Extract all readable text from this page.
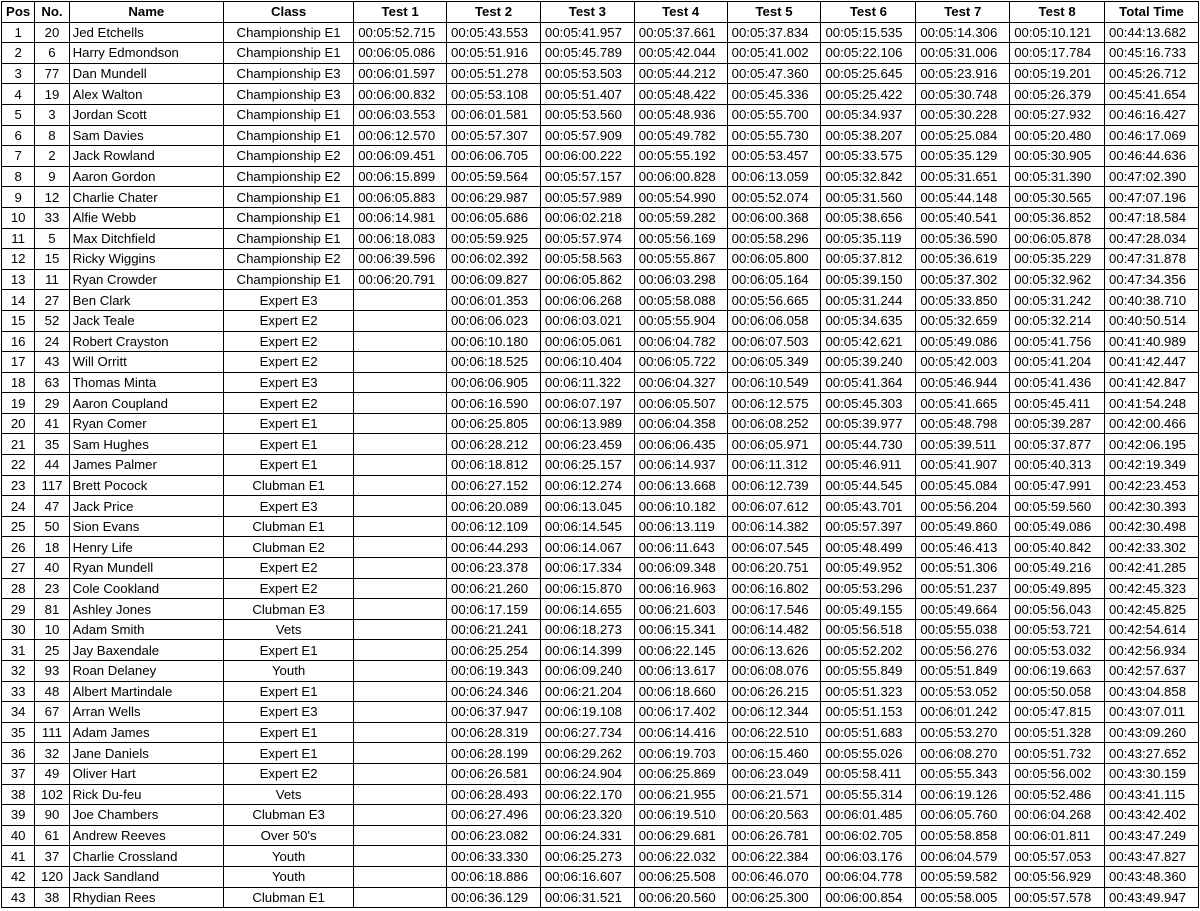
Pos	No.	Name	Class	Test 1	Test 2	Test 3	Test 4	Test 5	Test 6	Test 7	Test 8	Total Time
1	20	Jed Etchells	Championship E1	00:05:52.715	00:05:43.553	00:05:41.957	00:05:37.661	00:05:37.834	00:05:15.535	00:05:14.306	00:05:10.121	00:44:13.682
2	6	Harry Edmondson	Championship E1	00:06:05.086	00:05:51.916	00:05:45.789	00:05:42.044	00:05:41.002	00:05:22.106	00:05:31.006	00:05:17.784	00:45:16.733
3	77	Dan Mundell	Championship E3	00:06:01.597	00:05:51.278	00:05:53.503	00:05:44.212	00:05:47.360	00:05:25.645	00:05:23.916	00:05:19.201	00:45:26.712
4	19	Alex Walton	Championship E3	00:06:00.832	00:05:53.108	00:05:51.407	00:05:48.422	00:05:45.336	00:05:25.422	00:05:30.748	00:05:26.379	00:45:41.654
5	3	Jordan Scott	Championship E1	00:06:03.553	00:06:01.581	00:05:53.560	00:05:48.936	00:05:55.700	00:05:34.937	00:05:30.228	00:05:27.932	00:46:16.427
6	8	Sam Davies	Championship E1	00:06:12.570	00:05:57.307	00:05:57.909	00:05:49.782	00:05:55.730	00:05:38.207	00:05:25.084	00:05:20.480	00:46:17.069
7	2	Jack Rowland	Championship E2	00:06:09.451	00:06:06.705	00:06:00.222	00:05:55.192	00:05:53.457	00:05:33.575	00:05:35.129	00:05:30.905	00:46:44.636
8	9	Aaron Gordon	Championship E2	00:06:15.899	00:05:59.564	00:05:57.157	00:06:00.828	00:06:13.059	00:05:32.842	00:05:31.651	00:05:31.390	00:47:02.390
9	12	Charlie Chater	Championship E1	00:06:05.883	00:06:29.987	00:05:57.989	00:05:54.990	00:05:52.074	00:05:31.560	00:05:44.148	00:05:30.565	00:47:07.196
10	33	Alfie Webb	Championship E1	00:06:14.981	00:06:05.686	00:06:02.218	00:05:59.282	00:06:00.368	00:05:38.656	00:05:40.541	00:05:36.852	00:47:18.584
11	5	Max Ditchfield	Championship E1	00:06:18.083	00:05:59.925	00:05:57.974	00:05:56.169	00:05:58.296	00:05:35.119	00:05:36.590	00:06:05.878	00:47:28.034
12	15	Ricky Wiggins	Championship E2	00:06:39.596	00:06:02.392	00:05:58.563	00:05:55.867	00:06:05.800	00:05:37.812	00:05:36.619	00:05:35.229	00:47:31.878
13	11	Ryan Crowder	Championship E1	00:06:20.791	00:06:09.827	00:06:05.862	00:06:03.298	00:06:05.164	00:05:39.150	00:05:37.302	00:05:32.962	00:47:34.356
14	27	Ben Clark	Expert E3		00:06:01.353	00:06:06.268	00:05:58.088	00:05:56.665	00:05:31.244	00:05:33.850	00:05:31.242	00:40:38.710
15	52	Jack Teale	Expert E2		00:06:06.023	00:06:03.021	00:05:55.904	00:06:06.058	00:05:34.635	00:05:32.659	00:05:32.214	00:40:50.514
16	24	Robert Crayston	Expert E2		00:06:10.180	00:06:05.061	00:06:04.782	00:06:07.503	00:05:42.621	00:05:49.086	00:05:41.756	00:41:40.989
17	43	Will Orritt	Expert E2		00:06:18.525	00:06:10.404	00:06:05.722	00:06:05.349	00:05:39.240	00:05:42.003	00:05:41.204	00:41:42.447
18	63	Thomas Minta	Expert E3		00:06:06.905	00:06:11.322	00:06:04.327	00:06:10.549	00:05:41.364	00:05:46.944	00:05:41.436	00:41:42.847
19	29	Aaron Coupland	Expert E2		00:06:16.590	00:06:07.197	00:06:05.507	00:06:12.575	00:05:45.303	00:05:41.665	00:05:45.411	00:41:54.248
20	41	Ryan Comer	Expert E1		00:06:25.805	00:06:13.989	00:06:04.358	00:06:08.252	00:05:39.977	00:05:48.798	00:05:39.287	00:42:00.466
21	35	Sam Hughes	Expert E1		00:06:28.212	00:06:23.459	00:06:06.435	00:06:05.971	00:05:44.730	00:05:39.511	00:05:37.877	00:42:06.195
22	44	James Palmer	Expert E1		00:06:18.812	00:06:25.157	00:06:14.937	00:06:11.312	00:05:46.911	00:05:41.907	00:05:40.313	00:42:19.349
23	117	Brett Pocock	Clubman E1		00:06:27.152	00:06:12.274	00:06:13.668	00:06:12.739	00:05:44.545	00:05:45.084	00:05:47.991	00:42:23.453
24	47	Jack Price	Expert E3		00:06:20.089	00:06:13.045	00:06:10.182	00:06:07.612	00:05:43.701	00:05:56.204	00:05:59.560	00:42:30.393
25	50	Sion Evans	Clubman E1		00:06:12.109	00:06:14.545	00:06:13.119	00:06:14.382	00:05:57.397	00:05:49.860	00:05:49.086	00:42:30.498
26	18	Henry Life	Clubman E2		00:06:44.293	00:06:14.067	00:06:11.643	00:06:07.545	00:05:48.499	00:05:46.413	00:05:40.842	00:42:33.302
27	40	Ryan Mundell	Expert E2		00:06:23.378	00:06:17.334	00:06:09.348	00:06:20.751	00:05:49.952	00:05:51.306	00:05:49.216	00:42:41.285
28	23	Cole Cookland	Expert E2		00:06:21.260	00:06:15.870	00:06:16.963	00:06:16.802	00:05:53.296	00:05:51.237	00:05:49.895	00:42:45.323
29	81	Ashley Jones	Clubman E3		00:06:17.159	00:06:14.655	00:06:21.603	00:06:17.546	00:05:49.155	00:05:49.664	00:05:56.043	00:42:45.825
30	10	Adam Smith	Vets		00:06:21.241	00:06:18.273	00:06:15.341	00:06:14.482	00:05:56.518	00:05:55.038	00:05:53.721	00:42:54.614
31	25	Jay Baxendale	Expert E1		00:06:25.254	00:06:14.399	00:06:22.145	00:06:13.626	00:05:52.202	00:05:56.276	00:05:53.032	00:42:56.934
32	93	Roan Delaney	Youth		00:06:19.343	00:06:09.240	00:06:13.617	00:06:08.076	00:05:55.849	00:05:51.849	00:06:19.663	00:42:57.637
33	48	Albert Martindale	Expert E1		00:06:24.346	00:06:21.204	00:06:18.660	00:06:26.215	00:05:51.323	00:05:53.052	00:05:50.058	00:43:04.858
34	67	Arran Wells	Expert E3		00:06:37.947	00:06:19.108	00:06:17.402	00:06:12.344	00:05:51.153	00:06:01.242	00:05:47.815	00:43:07.011
35	111	Adam James	Expert E1		00:06:28.319	00:06:27.734	00:06:14.416	00:06:22.510	00:05:51.683	00:05:53.270	00:05:51.328	00:43:09.260
36	32	Jane Daniels	Expert E1		00:06:28.199	00:06:29.262	00:06:19.703	00:06:15.460	00:05:55.026	00:06:08.270	00:05:51.732	00:43:27.652
37	49	Oliver Hart	Expert E2		00:06:26.581	00:06:24.904	00:06:25.869	00:06:23.049	00:05:58.411	00:05:55.343	00:05:56.002	00:43:30.159
38	102	Rick Du-feu	Vets		00:06:28.493	00:06:22.170	00:06:21.955	00:06:21.571	00:05:55.314	00:06:19.126	00:05:52.486	00:43:41.115
39	90	Joe Chambers	Clubman E3		00:06:27.496	00:06:23.320	00:06:19.510	00:06:20.563	00:06:01.485	00:06:05.760	00:06:04.268	00:43:42.402
40	61	Andrew Reeves	Over 50's		00:06:23.082	00:06:24.331	00:06:29.681	00:06:26.781	00:06:02.705	00:05:58.858	00:06:01.811	00:43:47.249
41	37	Charlie Crossland	Youth		00:06:33.330	00:06:25.273	00:06:22.032	00:06:22.384	00:06:03.176	00:06:04.579	00:05:57.053	00:43:47.827
42	120	Jack Sandland	Youth		00:06:18.886	00:06:16.607	00:06:25.508	00:06:46.070	00:06:04.778	00:05:59.582	00:05:56.929	00:43:48.360
43	38	Rhydian Rees	Clubman E1		00:06:36.129	00:06:31.521	00:06:20.560	00:06:25.300	00:06:00.854	00:05:58.005	00:05:57.578	00:43:49.947
